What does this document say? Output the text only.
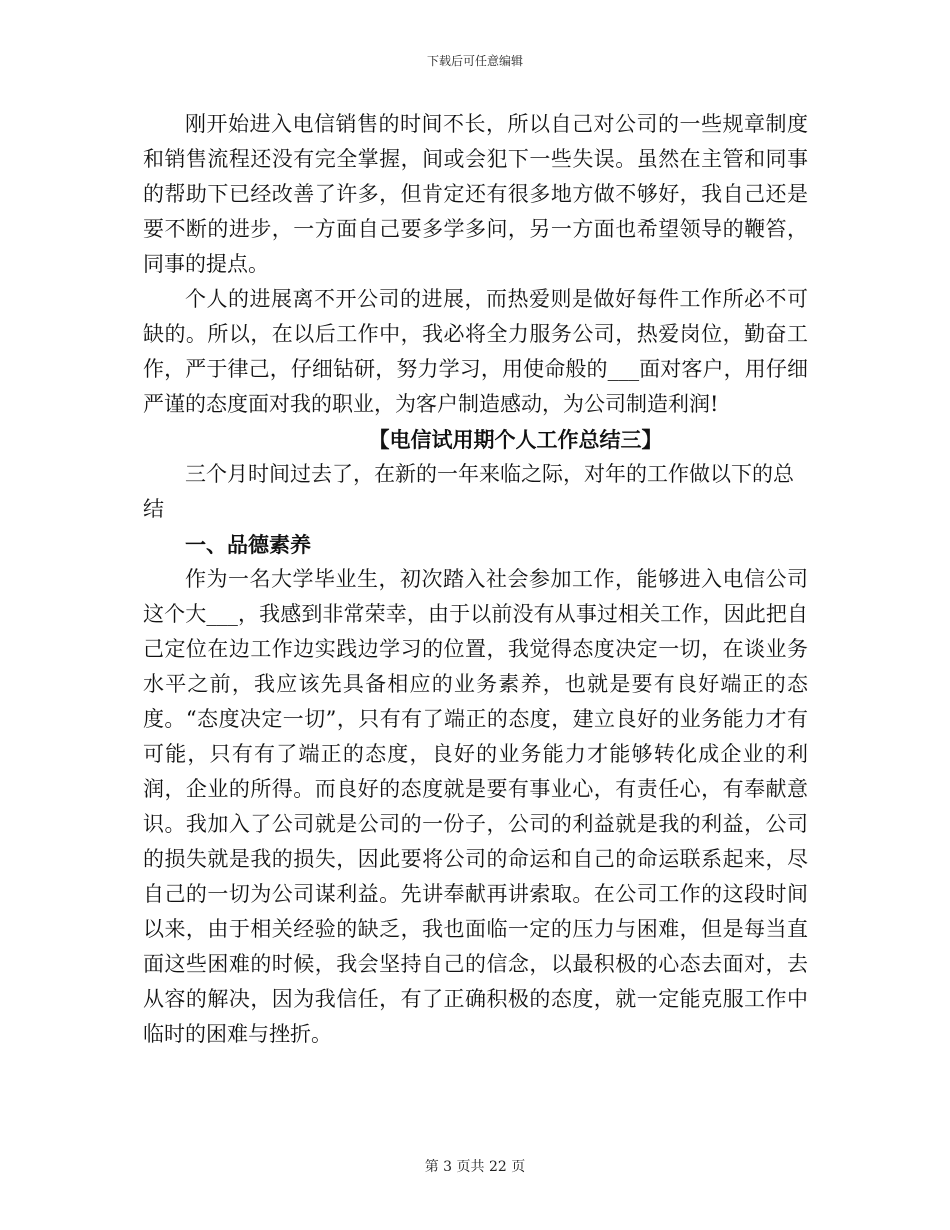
下载后可任意编辑

刚开始进入电信销售的时间不长，所以自己对公司的一些规章制度和销售流程还没有完全掌握，间或会犯下一些失误。虽然在主管和同事的帮助下已经改善了许多，但肯定还有很多地方做不够好，我自己还是要不断的进步，一方面自己要多学多问，另一方面也希望领导的鞭笞，同事的提点。

个人的进展离不开公司的进展，而热爱则是做好每件工作所必不可缺的。所以，在以后工作中，我必将全力服务公司，热爱岗位，勤奋工作，严于律己，仔细钻研，努力学习，用使命般的___面对客户，用仔细严谨的态度面对我的职业，为客户制造感动，为公司制造利润!

【电信试用期个人工作总结三】

三个月时间过去了，在新的一年来临之际，对年的工作做以下的总结

一、品德素养

作为一名大学毕业生，初次踏入社会参加工作，能够进入电信公司这个大___，我感到非常荣幸，由于以前没有从事过相关工作，因此把自己定位在边工作边实践边学习的位置，我觉得态度决定一切，在谈业务水平之前，我应该先具备相应的业务素养，也就是要有良好端正的态度。“态度决定一切”，只有有了端正的态度，建立良好的业务能力才有可能，只有有了端正的态度，良好的业务能力才能够转化成企业的利润，企业的所得。而良好的态度就是要有事业心，有责任心，有奉献意识。我加入了公司就是公司的一份子，公司的利益就是我的利益，公司的损失就是我的损失，因此要将公司的命运和自己的命运联系起来，尽自己的一切为公司谋利益。先讲奉献再讲索取。在公司工作的这段时间以来，由于相关经验的缺乏，我也面临一定的压力与困难，但是每当直面这些困难的时候，我会坚持自己的信念，以最积极的心态去面对，去从容的解决，因为我信任，有了正确积极的态度，就一定能克服工作中临时的困难与挫折。

第 3 页共 22 页
